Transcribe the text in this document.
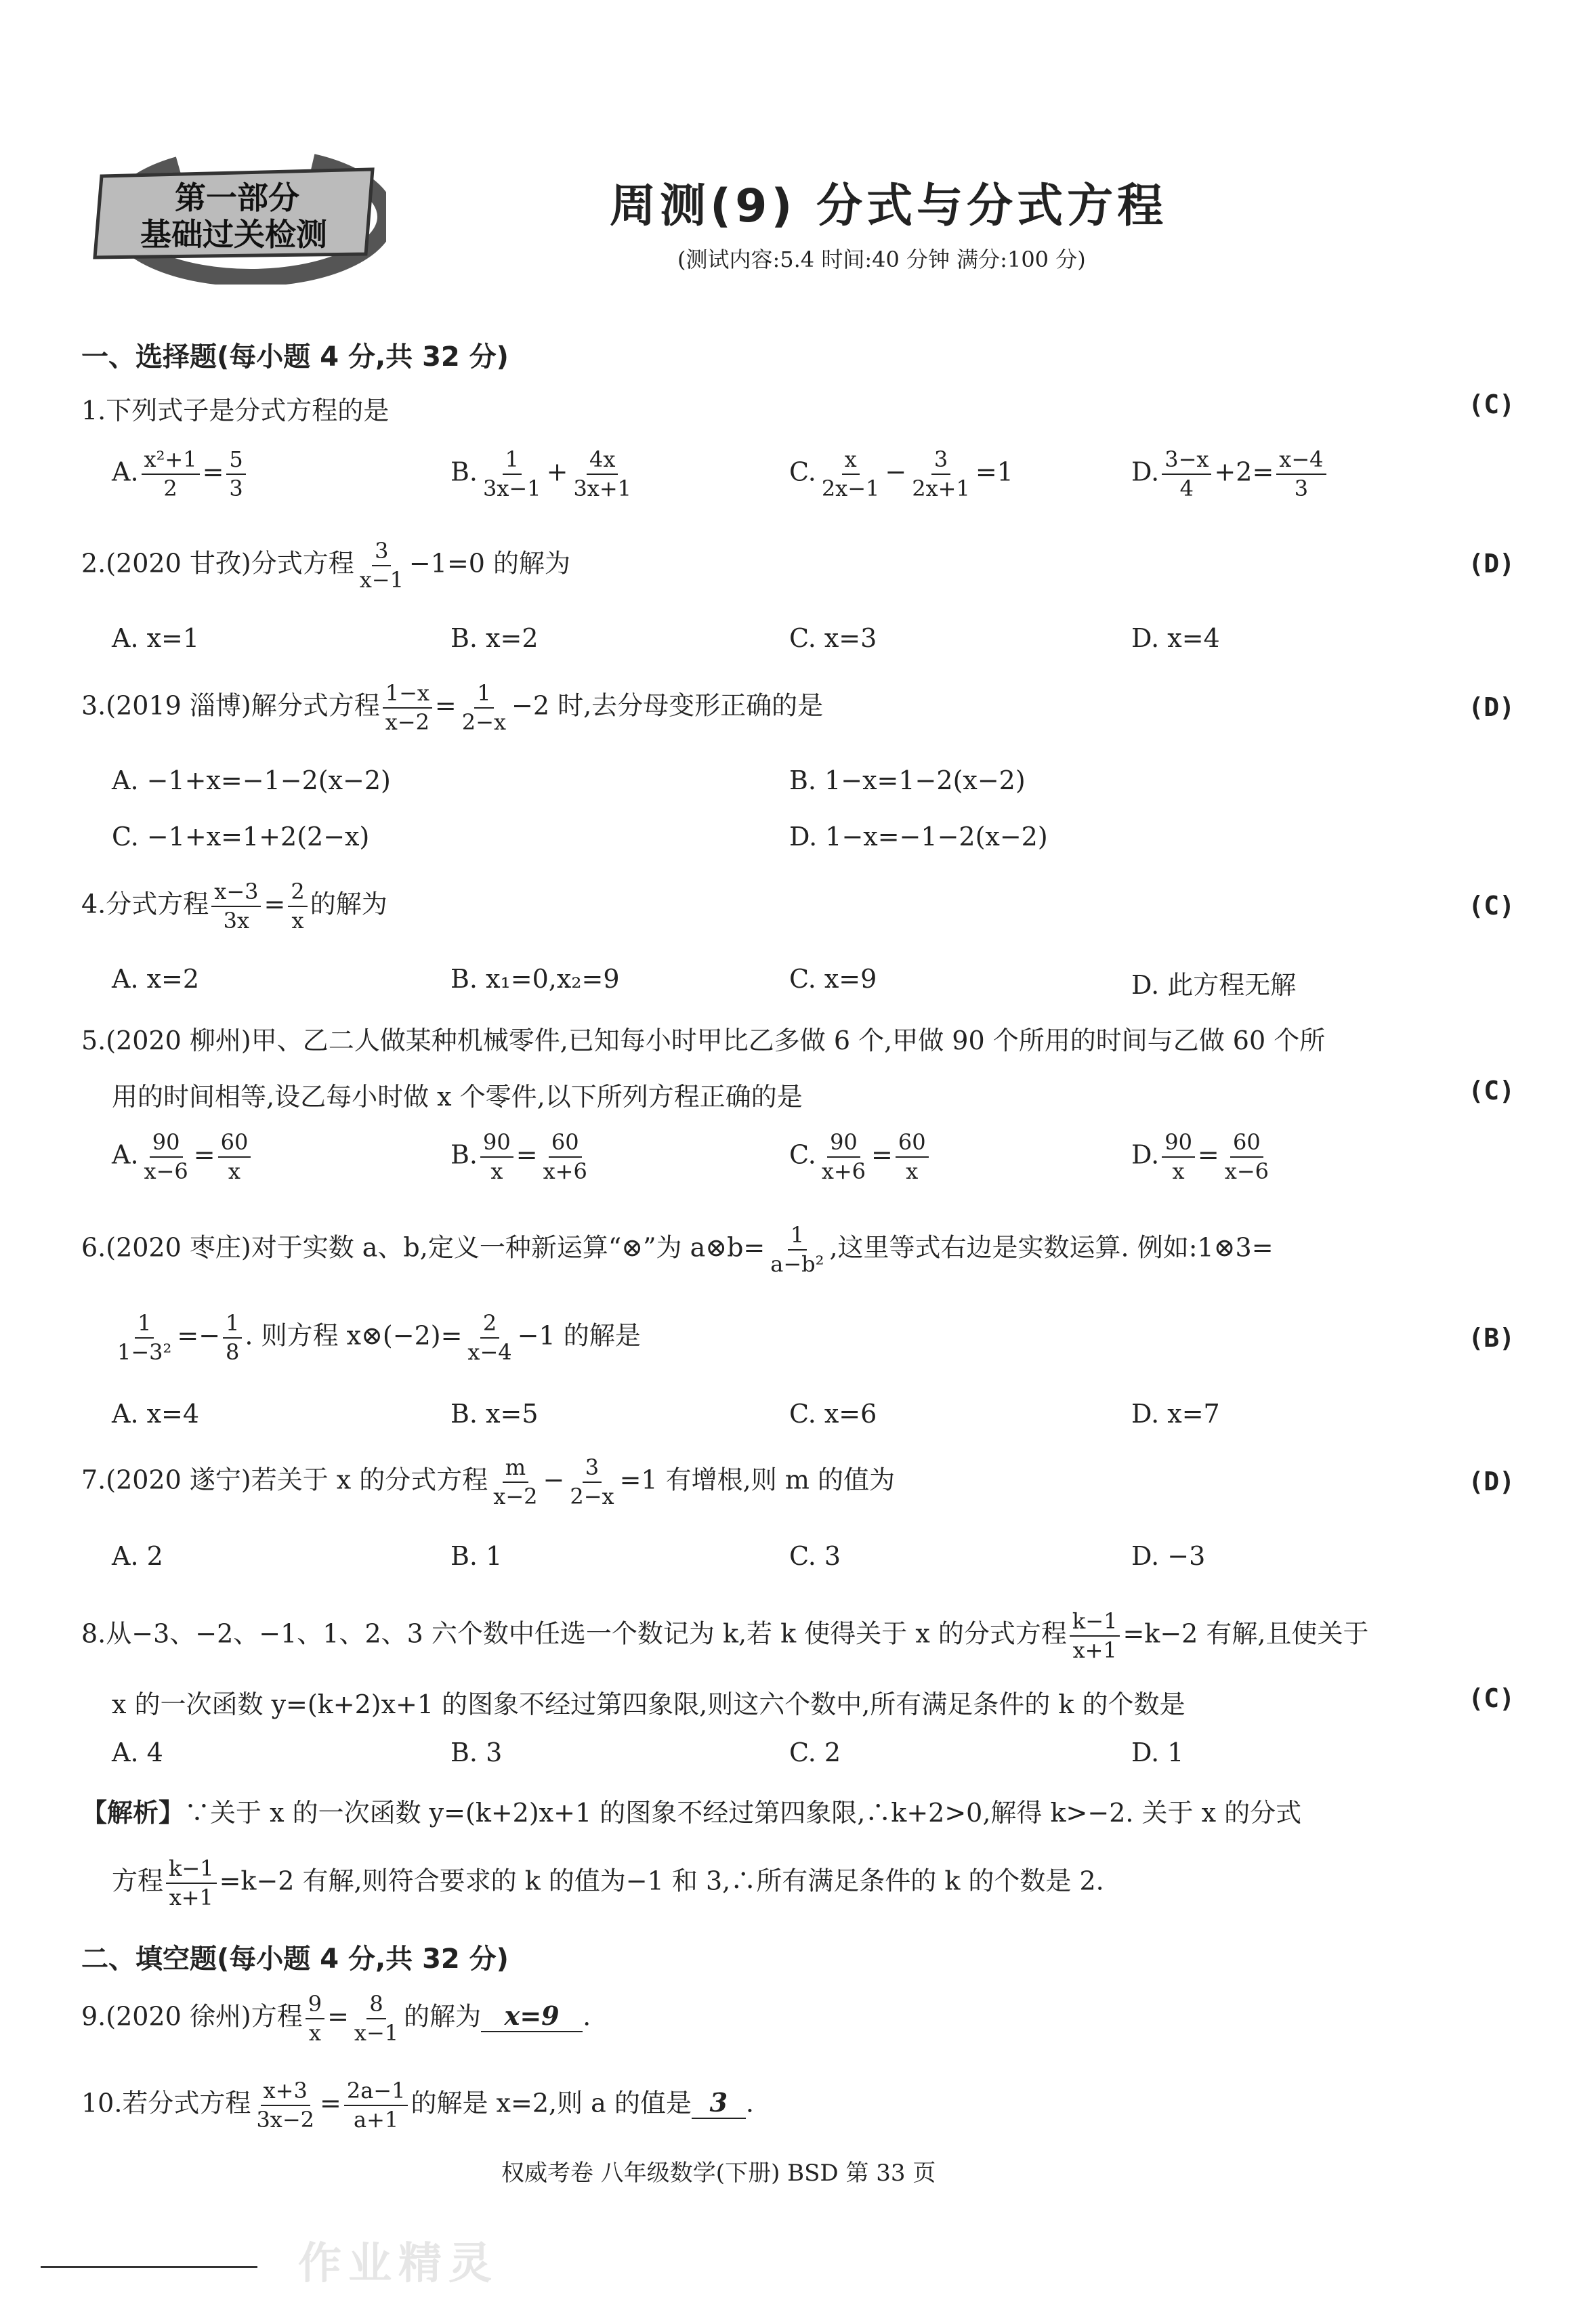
第一部分
基础过关检测
周测(9) 分式与分式方程
(测试内容:5.4 时间:40 分钟 满分:100 分)
一、选择题(每小题 4 分,共 32 分)
1.下列式子是分式方程的是	(C)
A. $\frac{\text{x²+1}}{2} = \frac{5}{3}$	B. $\frac{1}{3x-1} + \frac{4x}{3x+1}$	C. $\frac{x}{2x-1} - \frac{3}{2x+1} =1$	D. $\frac{3-x}{4} +2= \frac{x-4}{3}$
2.(2020 甘孜)分式方程 $\frac{3}{x-1} -1=0$ 的解为	(D)
A. x=1	B. x=2	C. x=3	D. x=4
3.(2019 淄博)解分式方程 $\frac{1-x}{x-2} = \frac{1}{2-x} -2$ 时,去分母变形正确的是	(D)
A. −1+x=−1−2(x−2)	B. 1−x=1−2(x−2)
C. −1+x=1+2(2−x)	D. 1−x=−1−2(x−2)
4.分式方程 $\frac{x-3}{3x} = \frac{2}{x}$ 的解为	(C)
A. x=2	B. x₁=0,x₂=9	C. x=9	D. 此方程无解
5.(2020 柳州)甲、乙二人做某种机械零件,已知每小时甲比乙多做 6 个,甲做 90 个所用的时间与乙做 60 个所
用的时间相等,设乙每小时做 x 个零件,以下所列方程正确的是	(C)
A. $\frac{90}{x-6} = \frac{60}{x}$	B. $\frac{90}{x} = \frac{60}{x+6}$	C. $\frac{90}{x+6} = \frac{60}{x}$	D. $\frac{90}{x} = \frac{60}{x-6}$
6.(2020 枣庄)对于实数 a、b,定义一种新运算“⊗”为 a⊗b= $\frac{1}{\text{a−b²}}$ ,这里等式右边是实数运算. 例如:1⊗3=
$\frac{1}{\text{1−3²}} =- \frac{1}{8}$ . 则方程 x⊗(−2)= $\frac{2}{x-4} -1$ 的解是	(B)
A. x=4	B. x=5	C. x=6	D. x=7
7.(2020 遂宁)若关于 x 的分式方程 $\frac{m}{x-2} - \frac{3}{2-x} =1$ 有增根,则 m 的值为	(D)
A. 2	B. 1	C. 3	D. −3
8.从−3、−2、−1、1、2、3 六个数中任选一个数记为 k,若 k 使得关于 x 的分式方程 $\frac{k-1}{x+1} =k-2$ 有解,且使关于
x 的一次函数 y=(k+2)x+1 的图象不经过第四象限,则这六个数中,所有满足条件的 k 的个数是	(C)
A. 4	B. 3	C. 2	D. 1
【解析】∵关于 x 的一次函数 y=(k+2)x+1 的图象不经过第四象限,∴k+2>0,解得 k>−2. 关于 x 的分式
方程 $\frac{k-1}{x+1} =k-2$ 有解,则符合要求的 k 的值为−1 和 3,∴所有满足条件的 k 的个数是 2.
二、填空题(每小题 4 分,共 32 分)
9.(2020 徐州)方程 $\frac{9}{x} = \frac{8}{x-1}$ 的解为 x=9 .
10.若分式方程 $\frac{x+3}{3x-2} = \frac{2a-1}{a+1}$ 的解是 x=2,则 a 的值是 3 .
权威考卷 八年级数学(下册) BSD 第 33 页
作业精灵
